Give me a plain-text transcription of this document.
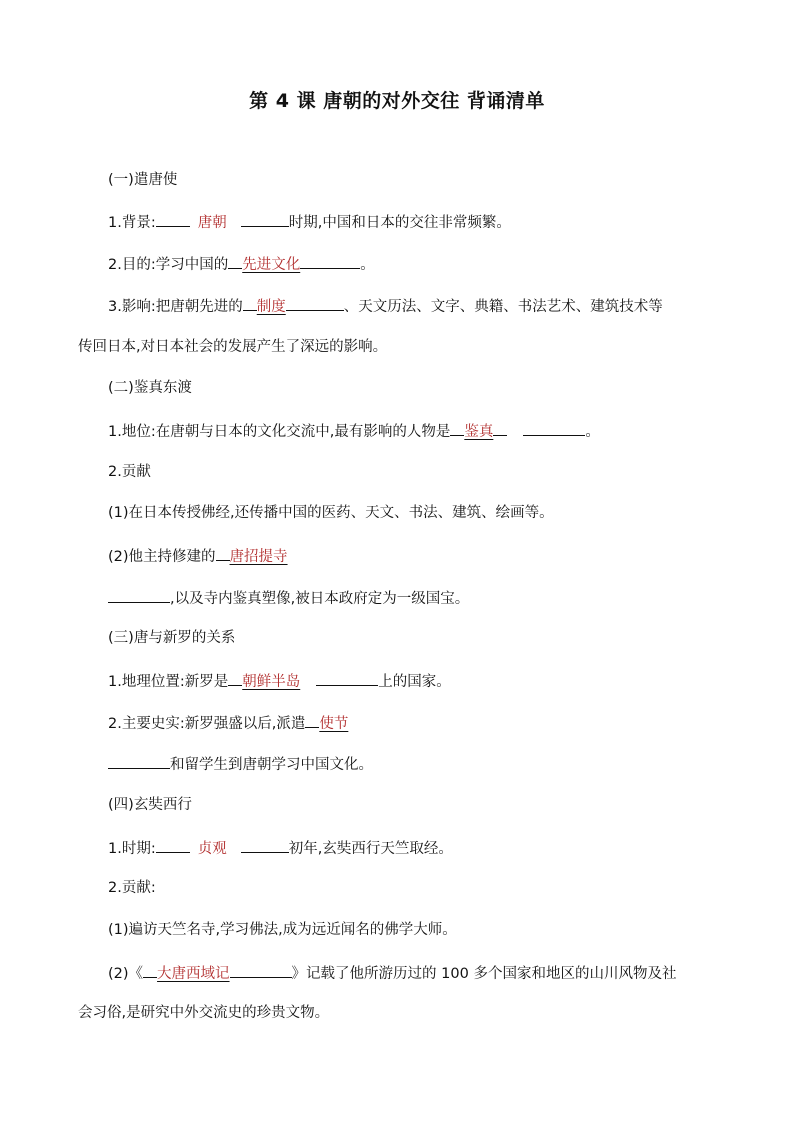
第 4 课 唐朝的对外交往 背诵清单
(一)遣唐使
1.背景:	唐朝	时期,中国和日本的交往非常频繁。
2.目的:学习中国的 先进文化	。
3.影响:把唐朝先进的 制度	、天文历法、文字、典籍、书法艺术、建筑技术等
传回日本,对日本社会的发展产生了深远的影响。
(二)鉴真东渡
1.地位:在唐朝与日本的文化交流中,最有影响的人物是 鉴真	。
2.贡献
(1)在日本传授佛经,还传播中国的医药、天文、书法、建筑、绘画等。
(2)他主持修建的 唐招提寺
,以及寺内鉴真塑像,被日本政府定为一级国宝。
(三)唐与新罗的关系
1.地理位置:新罗是 朝鲜半岛	上的国家。
2.主要史实:新罗强盛以后,派遣 使节
和留学生到唐朝学习中国文化。
(四)玄奘西行
1.时期:	贞观	初年,玄奘西行天竺取经。
2.贡献:
(1)遍访天竺名寺,学习佛法,成为远近闻名的佛学大师。
(2)《 大唐西域记	》记载了他所游历过的 100 多个国家和地区的山川风物及社
会习俗,是研究中外交流史的珍贵文物。
